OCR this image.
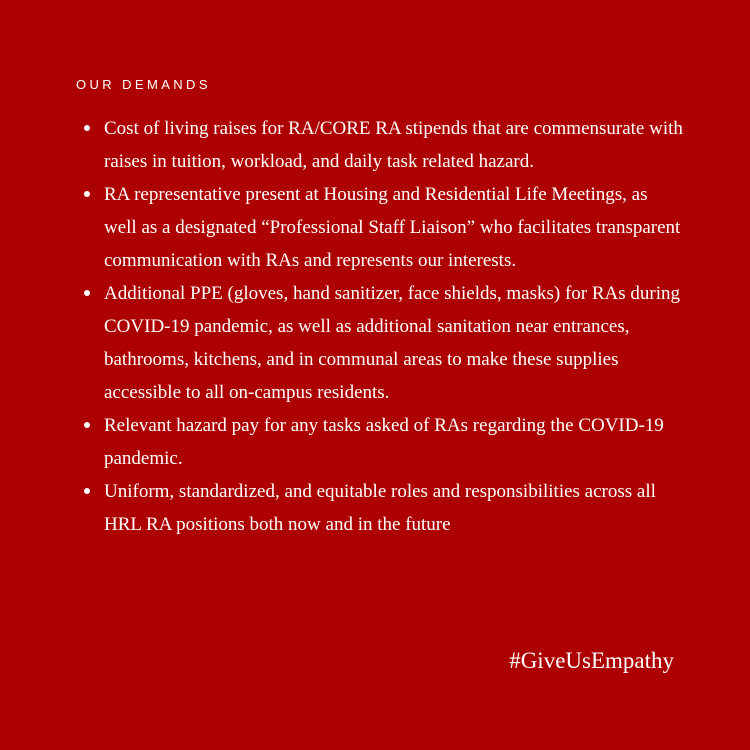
OUR DEMANDS
Cost of living raises for RA/CORE RA stipends that are commensurate with raises in tuition, workload, and daily task related hazard.
RA representative present at Housing and Residential Life Meetings, as well as a designated “Professional Staff Liaison” who facilitates transparent communication with RAs and represents our interests.
Additional PPE (gloves, hand sanitizer, face shields, masks) for RAs during COVID-19 pandemic, as well as additional sanitation near entrances, bathrooms, kitchens, and in communal areas to make these supplies accessible to all on-campus residents.
Relevant hazard pay for any tasks asked of RAs regarding the COVID-19 pandemic.
Uniform, standardized, and equitable roles and responsibilities across all HRL RA positions both now and in the future
#GiveUsEmpathy
